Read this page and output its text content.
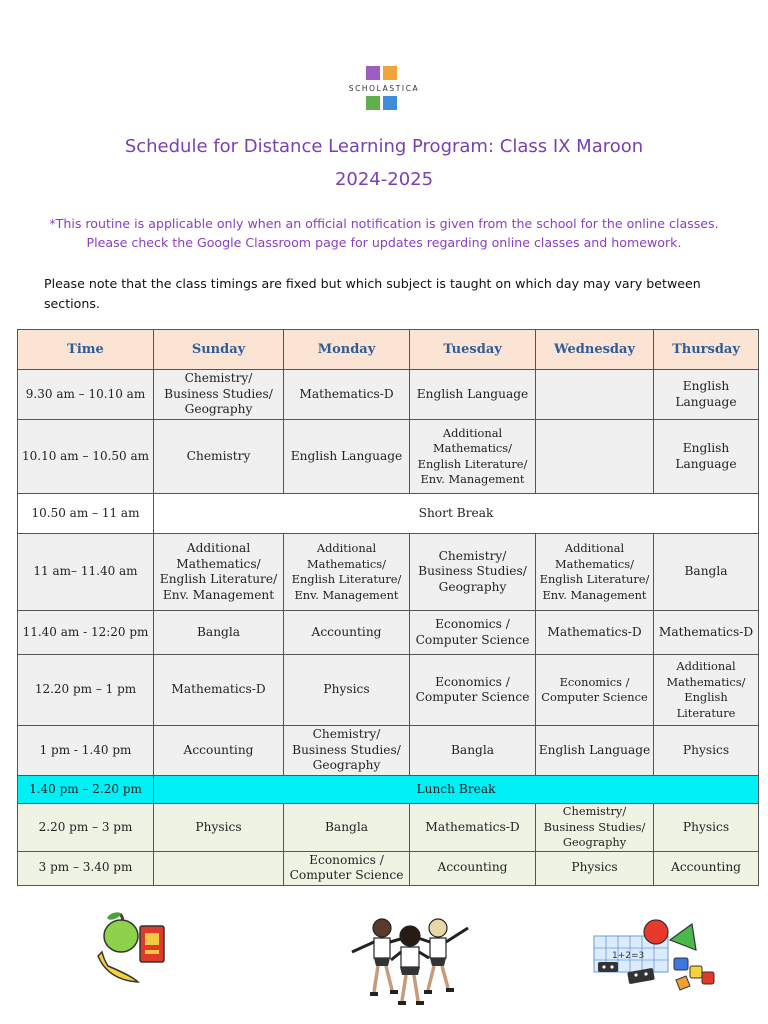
SCHOLASTICA
Schedule for Distance Learning Program: Class IX Maroon
2024-2025
*This routine is applicable only when an official notification is given from the school for the online classes. Please check the Google Classroom page for updates regarding online classes and homework.
Please note that the class timings are fixed but which subject is taught on which day may vary between sections.
Time	Sunday	Monday	Tuesday	Wednesday	Thursday
9.30 am – 10.10 am	Chemistry/ Business Studies/ Geography	Mathematics-D	English Language		English Language
10.10 am – 10.50 am	Chemistry	English Language	Additional Mathematics/ English Literature/ Env. Management		English Language
10.50 am – 11 am	Short Break				
11 am– 11.40 am	Additional Mathematics/ English Literature/ Env. Management	Additional Mathematics/ English Literature/ Env. Management	Chemistry/ Business Studies/ Geography	Additional Mathematics/ English Literature/ Env. Management	Bangla
11.40 am - 12:20 pm	Bangla	Accounting	Economics / Computer Science	Mathematics-D	Mathematics-D
12.20 pm – 1 pm	Mathematics-D	Physics	Economics / Computer Science	Economics / Computer Science	Additional Mathematics/ English Literature
1 pm - 1.40 pm	Accounting	Chemistry/ Business Studies/ Geography	Bangla	English Language	Physics
1.40 pm – 2.20 pm	Lunch Break				
2.20 pm – 3 pm	Physics	Bangla	Mathematics-D	Chemistry/ Business Studies/ Geography	Physics
3 pm – 3.40 pm		Economics / Computer Science	Accounting	Physics	Accounting
1+2=3
